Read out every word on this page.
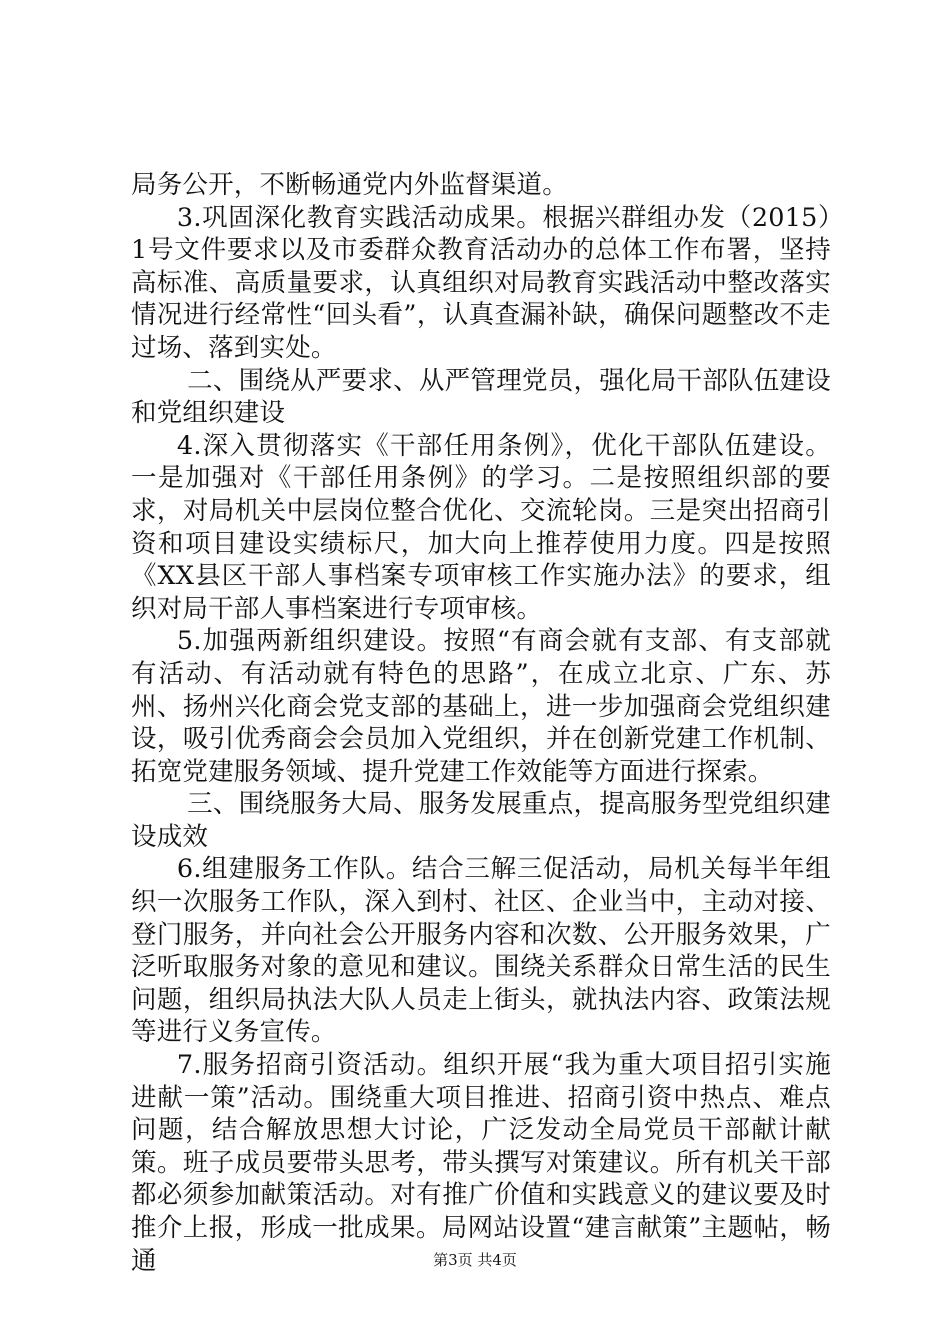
局务公开，不断畅通党内外监督渠道。

3.巩固深化教育实践活动成果。根据兴群组办发（2015）1号文件要求以及市委群众教育活动办的总体工作布署，坚持高标准、高质量要求，认真组织对局教育实践活动中整改落实情况进行经常性“回头看”，认真查漏补缺，确保问题整改不走过场、落到实处。

二、围绕从严要求、从严管理党员，强化局干部队伍建设和党组织建设

4.深入贯彻落实《干部任用条例》，优化干部队伍建设。一是加强对《干部任用条例》的学习。二是按照组织部的要求，对局机关中层岗位整合优化、交流轮岗。三是突出招商引资和项目建设实绩标尺，加大向上推荐使用力度。四是按照《XX县区干部人事档案专项审核工作实施办法》的要求，组织对局干部人事档案进行专项审核。

5.加强两新组织建设。按照“有商会就有支部、有支部就有活动、有活动就有特色的思路”，在成立北京、广东、苏州、扬州兴化商会党支部的基础上，进一步加强商会党组织建设，吸引优秀商会会员加入党组织，并在创新党建工作机制、拓宽党建服务领域、提升党建工作效能等方面进行探索。

三、围绕服务大局、服务发展重点，提高服务型党组织建设成效

6.组建服务工作队。结合三解三促活动，局机关每半年组织一次服务工作队，深入到村、社区、企业当中，主动对接、登门服务，并向社会公开服务内容和次数、公开服务效果，广泛听取服务对象的意见和建议。围绕关系群众日常生活的民生问题，组织局执法大队人员走上街头，就执法内容、政策法规等进行义务宣传。

7.服务招商引资活动。组织开展“我为重大项目招引实施进献一策”活动。围绕重大项目推进、招商引资中热点、难点问题，结合解放思想大讨论，广泛发动全局党员干部献计献策。班子成员要带头思考，带头撰写对策建议。所有机关干部都必须参加献策活动。对有推广价值和实践意义的建议要及时推介上报，形成一批成果。局网站设置“建言献策”主题帖，畅通	第3页 共4页
